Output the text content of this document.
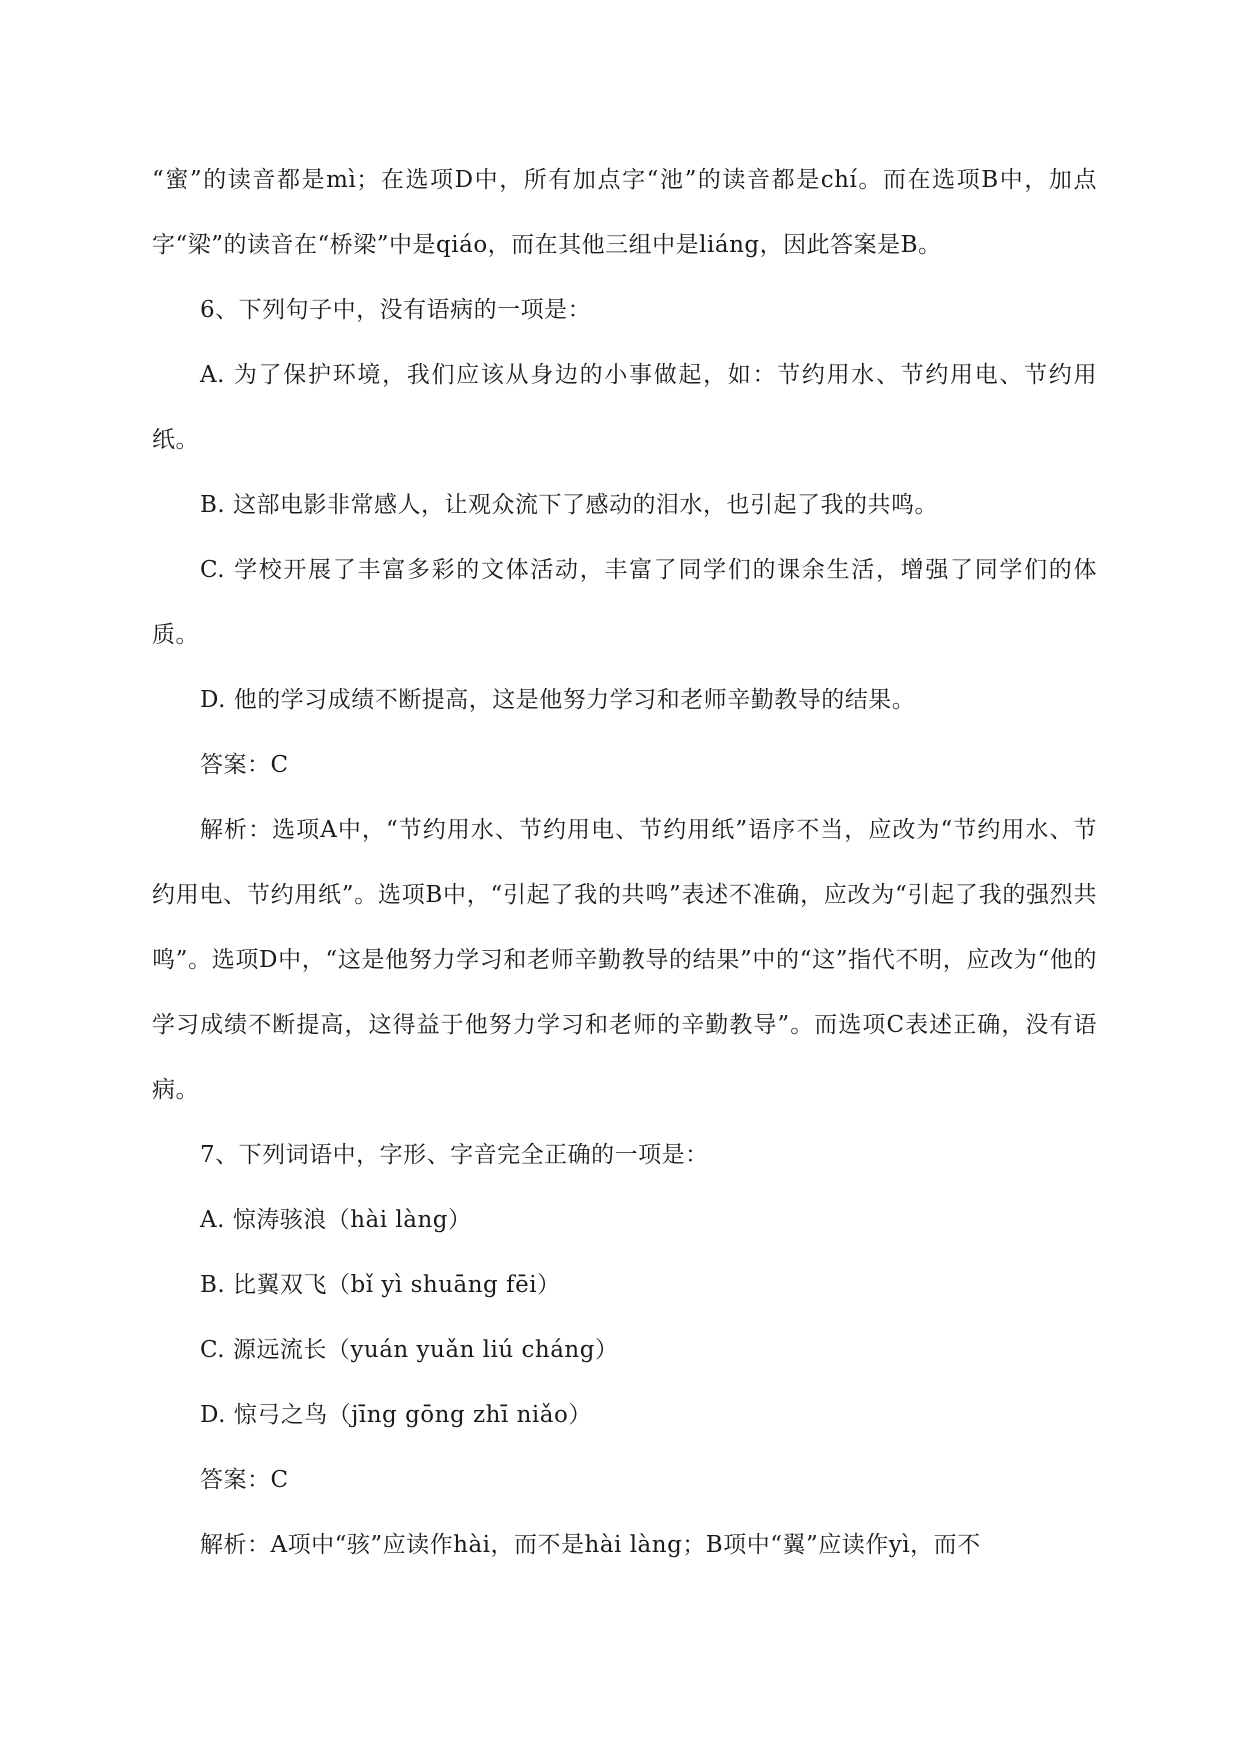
“蜜”的读音都是mì；在选项D中，所有加点字“池”的读音都是chí。而在选项B中，加点字“梁”的读音在“桥梁”中是qiáo，而在其他三组中是liáng，因此答案是B。

6、下列句子中，没有语病的一项是：

A. 为了保护环境，我们应该从身边的小事做起，如：节约用水、节约用电、节约用纸。

B. 这部电影非常感人，让观众流下了感动的泪水，也引起了我的共鸣。

C. 学校开展了丰富多彩的文体活动，丰富了同学们的课余生活，增强了同学们的体质。

D. 他的学习成绩不断提高，这是他努力学习和老师辛勤教导的结果。

答案：C

解析：选项A中，“节约用水、节约用电、节约用纸”语序不当，应改为“节约用水、节约用电、节约用纸”。选项B中，“引起了我的共鸣”表述不准确，应改为“引起了我的强烈共鸣”。选项D中，“这是他努力学习和老师辛勤教导的结果”中的“这”指代不明，应改为“他的学习成绩不断提高，这得益于他努力学习和老师的辛勤教导”。而选项C表述正确，没有语病。

7、下列词语中，字形、字音完全正确的一项是：

A. 惊涛骇浪（hài làng）

B. 比翼双飞（bǐ yì shuāng fēi）

C. 源远流长（yuán yuǎn liú cháng）

D. 惊弓之鸟（jīng gōng zhī niǎo）

答案：C

解析：A项中“骇”应读作hài，而不是hài làng；B项中“翼”应读作yì，而不
